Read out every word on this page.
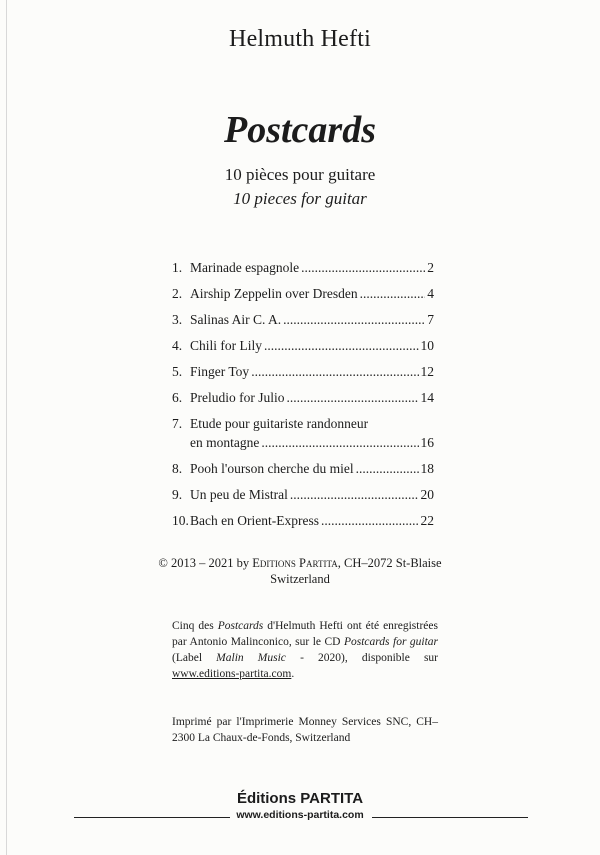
Helmuth Hefti
Postcards
10 pièces pour guitare
10 pieces for guitar
1. Marinade espagnole .....	2
2. Airship Zeppelin over Dresden .....	4
3. Salinas Air C. A. .....	7
4. Chili for Lily .....	10
5. Finger Toy .....	12
6. Preludio for Julio .....	14
7. Etude pour guitariste randonneur
en montagne .....	16
8. Pooh l'ourson cherche du miel .....	18
9. Un peu de Mistral .....	20
10. Bach en Orient-Express .....	22
© 2013 – 2021 by Editions Partita, CH–2072 St-Blaise
Switzerland
Cinq des Postcards d'Helmuth Hefti ont été enregistrées par Antonio Malinconico, sur le CD Postcards for guitar (Label Malin Music - 2020), disponible sur www.editions-partita.com.
Imprimé par l'Imprimerie Monney Services SNC, CH–2300 La Chaux-de-Fonds, Switzerland
Éditions PARTITA
www.editions-partita.com
